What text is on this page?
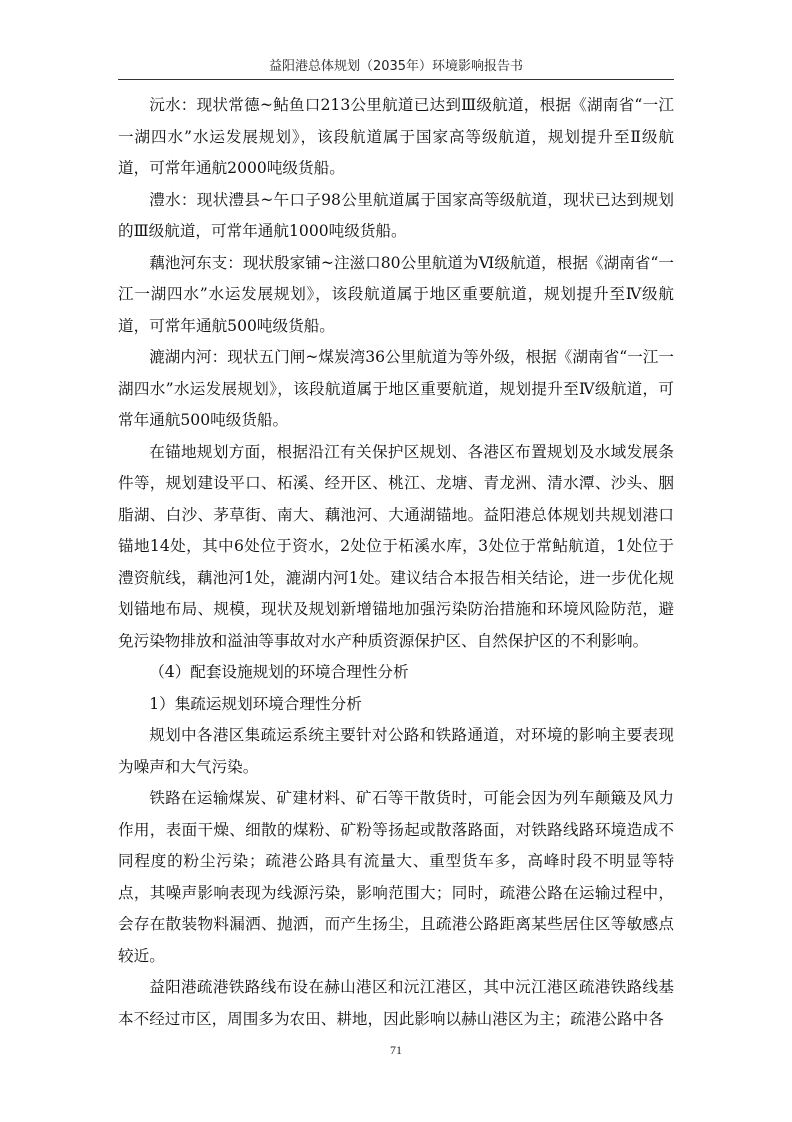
益阳港总体规划（2035年）环境影响报告书

沅水：现状常德~鲇鱼口213公里航道已达到Ⅲ级航道，根据《湖南省“一江一湖四水”水运发展规划》，该段航道属于国家高等级航道，规划提升至Ⅱ级航道，可常年通航2000吨级货船。

澧水：现状澧县~午口子98公里航道属于国家高等级航道，现状已达到规划的Ⅲ级航道，可常年通航1000吨级货船。

藕池河东支：现状殷家铺~注滋口80公里航道为Ⅵ级航道，根据《湖南省“一江一湖四水”水运发展规划》，该段航道属于地区重要航道，规划提升至Ⅳ级航道，可常年通航500吨级货船。

漉湖内河：现状五门闸~煤炭湾36公里航道为等外级，根据《湖南省“一江一湖四水”水运发展规划》，该段航道属于地区重要航道，规划提升至Ⅳ级航道，可常年通航500吨级货船。

在锚地规划方面，根据沿江有关保护区规划、各港区布置规划及水域发展条件等，规划建设平口、柘溪、经开区、桃江、龙塘、青龙洲、清水潭、沙头、胭脂湖、白沙、茅草街、南大、藕池河、大通湖锚地。益阳港总体规划共规划港口锚地14处，其中6处位于资水，2处位于柘溪水库，3处位于常鲇航道，1处位于澧资航线，藕池河1处，漉湖内河1处。建议结合本报告相关结论，进一步优化规划锚地布局、规模，现状及规划新增锚地加强污染防治措施和环境风险防范，避免污染物排放和溢油等事故对水产种质资源保护区、自然保护区的不利影响。

（4）配套设施规划的环境合理性分析

1）集疏运规划环境合理性分析

规划中各港区集疏运系统主要针对公路和铁路通道，对环境的影响主要表现为噪声和大气污染。

铁路在运输煤炭、矿建材料、矿石等干散货时，可能会因为列车颠簸及风力作用，表面干燥、细散的煤粉、矿粉等扬起或散落路面，对铁路线路环境造成不同程度的粉尘污染；疏港公路具有流量大、重型货车多，高峰时段不明显等特点，其噪声影响表现为线源污染，影响范围大；同时，疏港公路在运输过程中，会存在散装物料漏洒、抛洒，而产生扬尘，且疏港公路距离某些居住区等敏感点较近。

益阳港疏港铁路线布设在赫山港区和沅江港区，其中沅江港区疏港铁路线基本不经过市区，周围多为农田、耕地，因此影响以赫山港区为主；疏港公路中各

71
